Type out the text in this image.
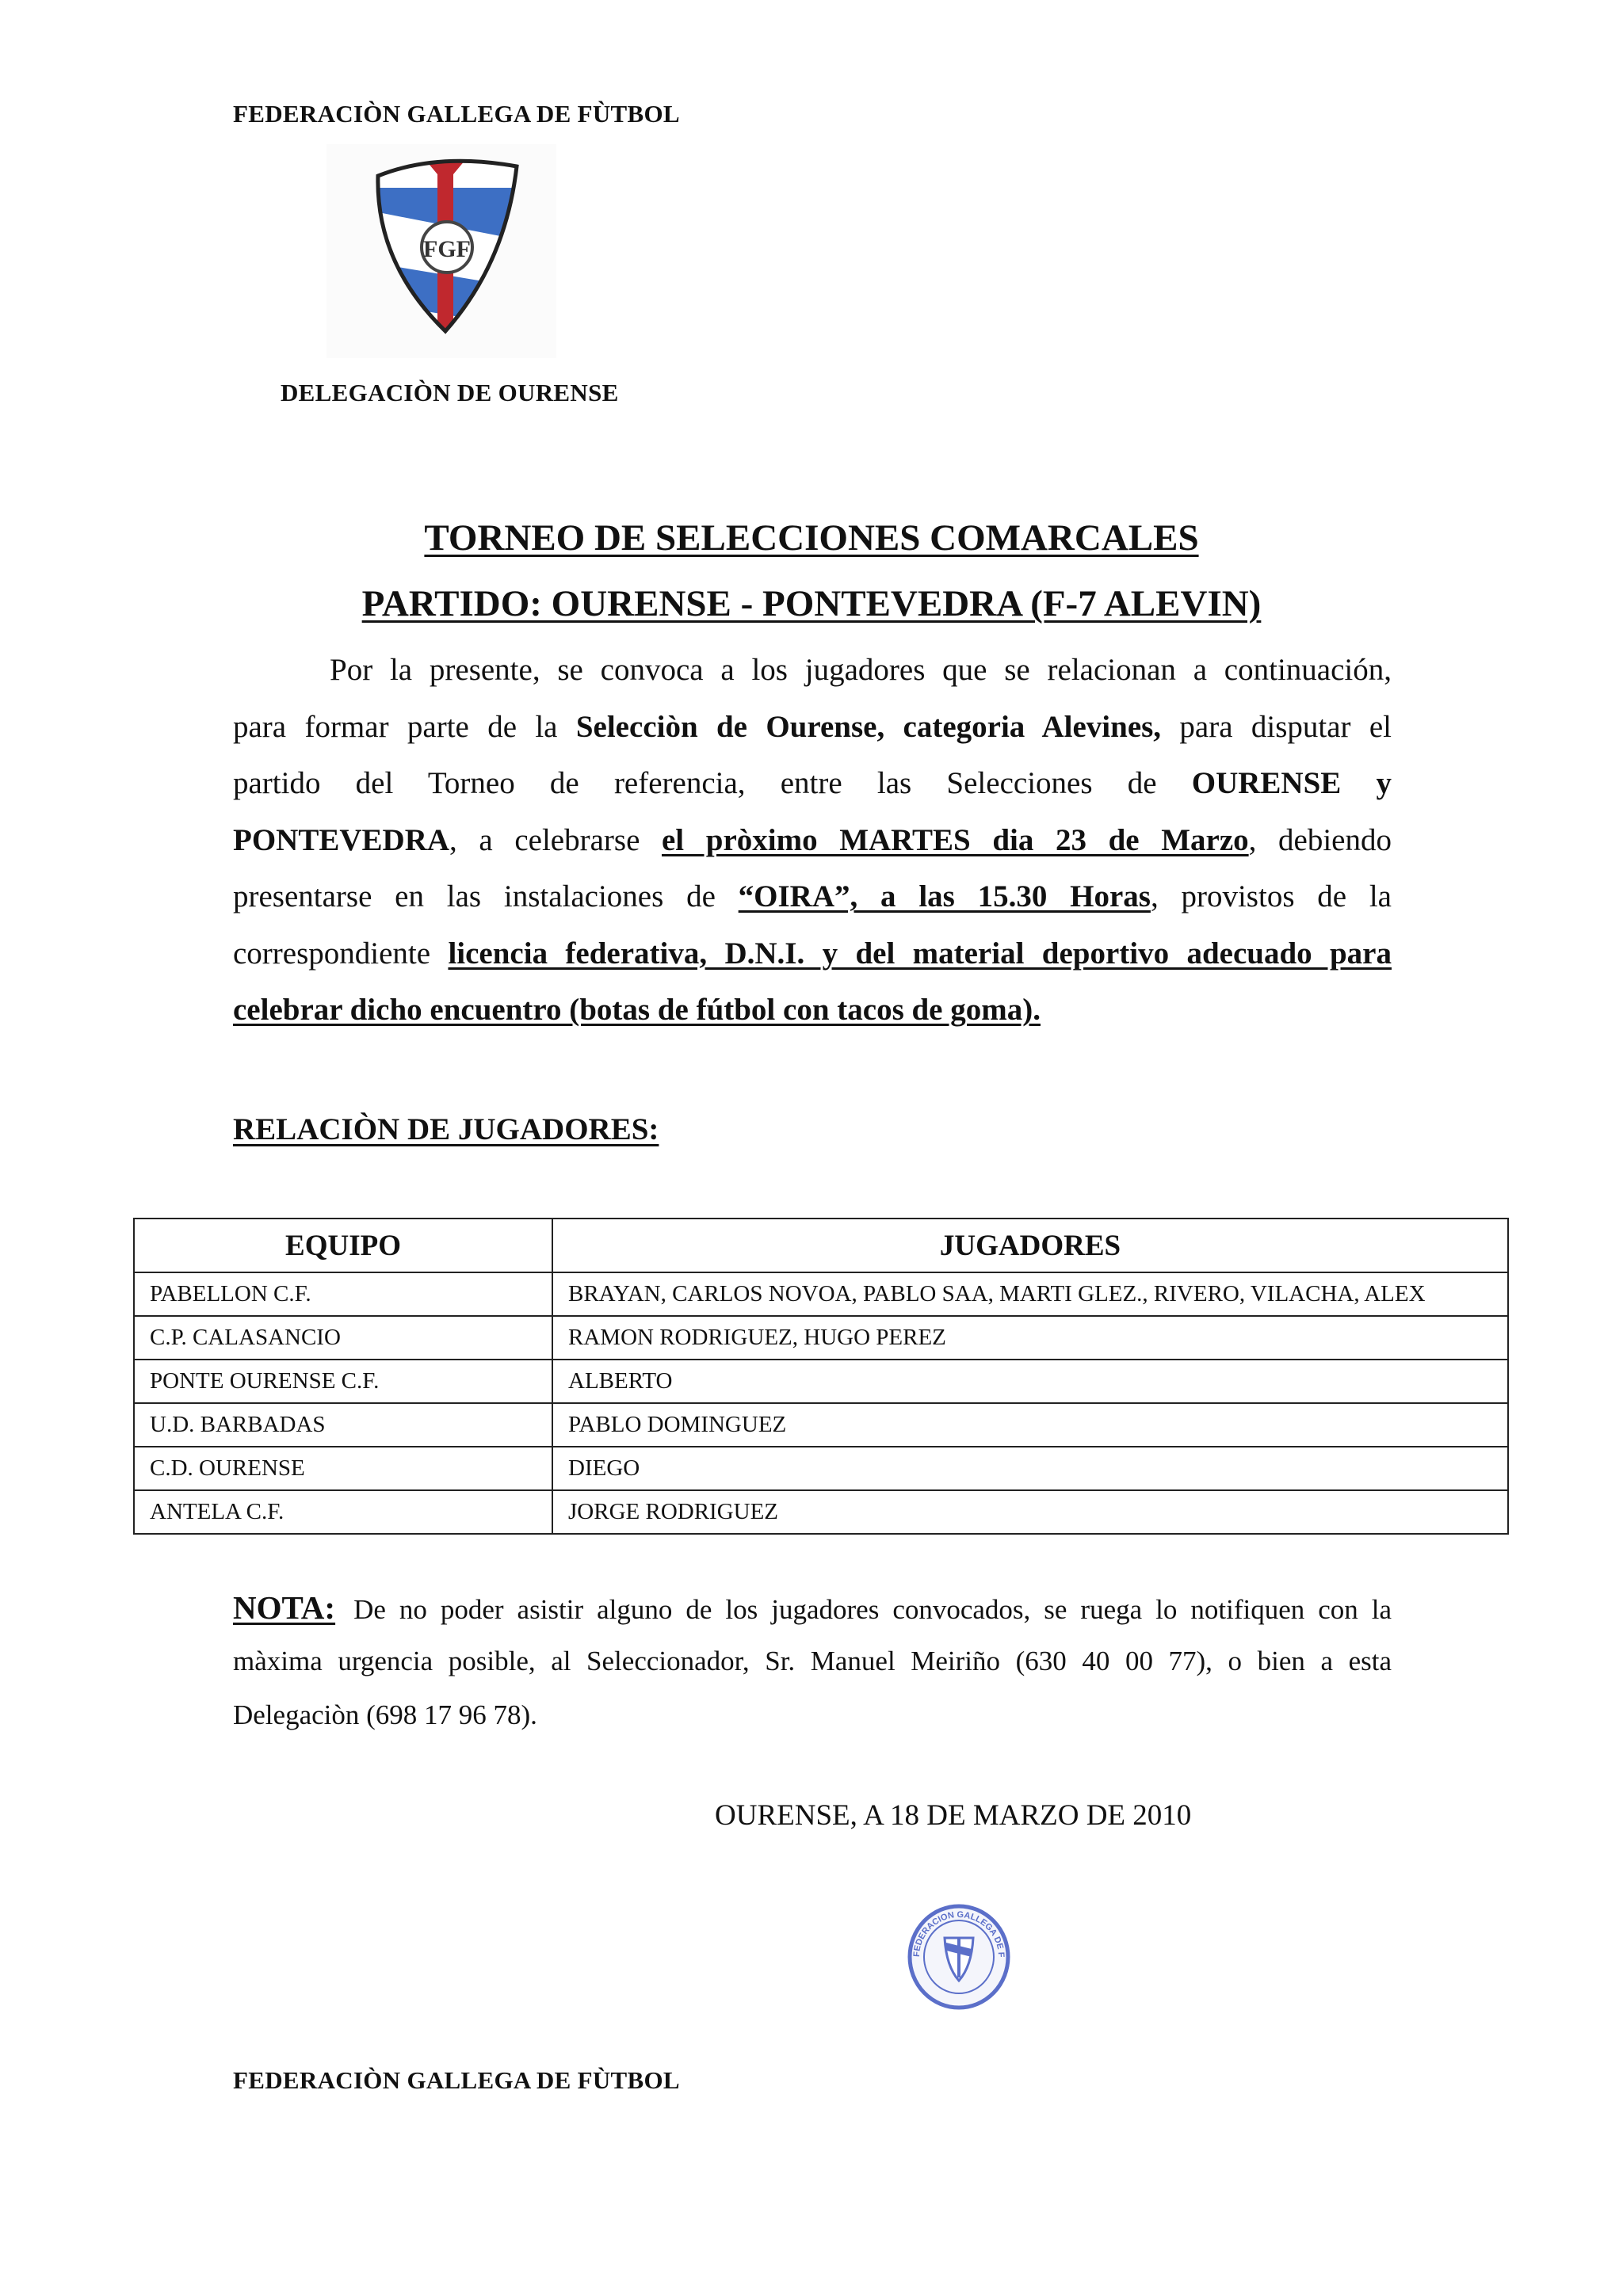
FEDERACIÒN GALLEGA DE FÙTBOL
FGF
DELEGACIÒN DE OURENSE
TORNEO DE SELECCIONES COMARCALES
PARTIDO: OURENSE - PONTEVEDRA (F-7 ALEVIN)
Por la presente, se convoca a los jugadores que se relacionan a continuación,
para formar parte de la Selecciòn de Ourense, categoria Alevines, para disputar el
partido del Torneo de referencia, entre las Selecciones de OURENSE y
PONTEVEDRA, a celebrarse el pròximo MARTES dia 23 de Marzo, debiendo
presentarse en las instalaciones de “OIRA”, a las 15.30 Horas, provistos de la
correspondiente licencia federativa, D.N.I. y del material deportivo adecuado para
celebrar dicho encuentro (botas de fútbol con tacos de goma).
RELACIÒN DE JUGADORES:
EQUIPO	JUGADORES
PABELLON C.F.	BRAYAN, CARLOS NOVOA, PABLO SAA, MARTI GLEZ., RIVERO, VILACHA, ALEX
C.P. CALASANCIO	RAMON RODRIGUEZ, HUGO PEREZ
PONTE OURENSE C.F.	ALBERTO
U.D. BARBADAS	PABLO DOMINGUEZ
C.D. OURENSE	DIEGO
ANTELA C.F.	JORGE RODRIGUEZ
NOTA: De no poder asistir alguno de los jugadores convocados, se ruega lo notifiquen con la
màxima urgencia posible, al Seleccionador, Sr. Manuel Meiriño (630 40 00 77), o bien a esta
Delegaciòn (698 17 96 78).
OURENSE, A 18 DE MARZO DE 2010
FEDERACION GALLEGA DE F
FEDERACIÒN GALLEGA DE FÙTBOL
